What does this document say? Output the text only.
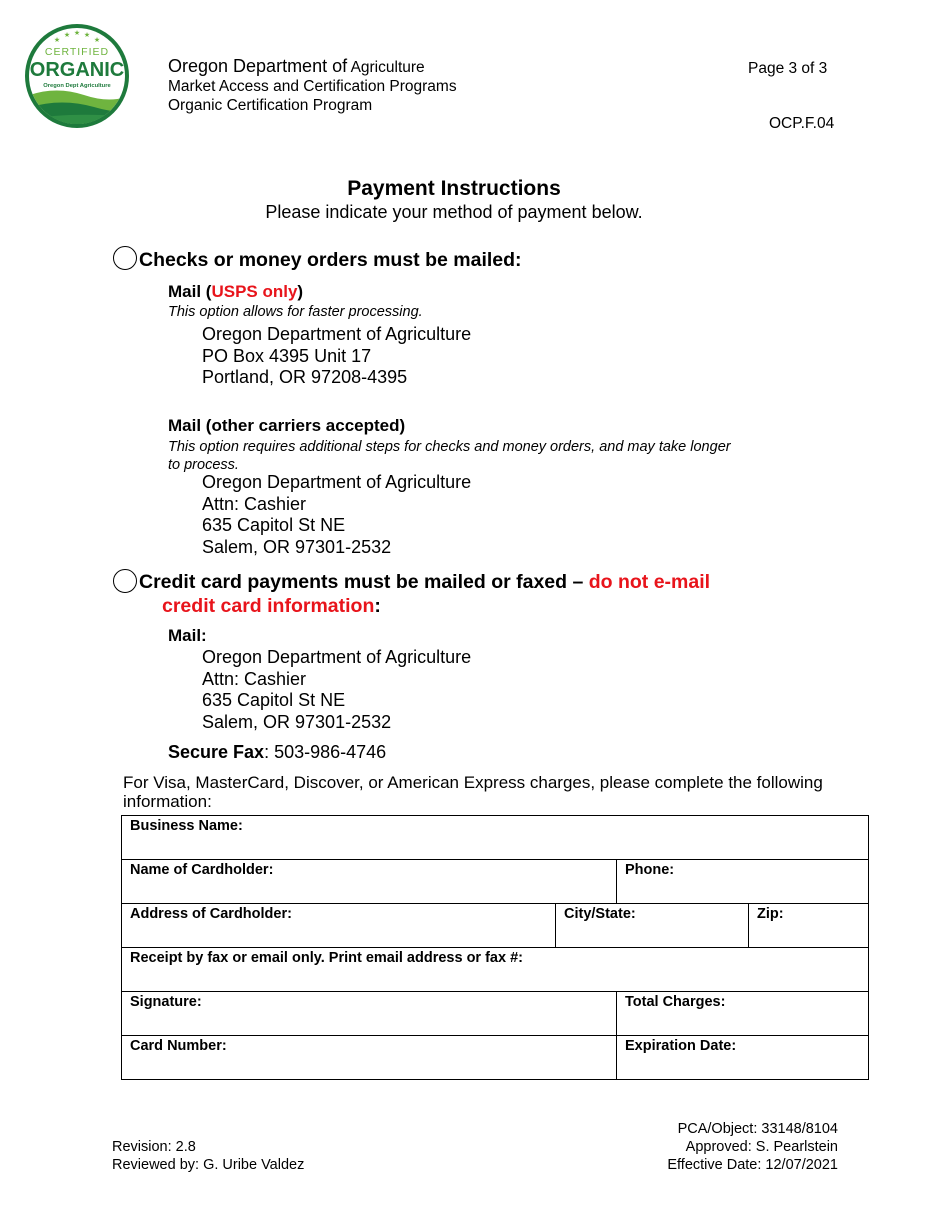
★
★ ★ ★
★
CERTIFIED
ORGANIC
Oregon Dept Agriculture
Oregon Department of Agriculture
Market Access and Certification Programs
Organic Certification Program
Page 3 of 3
OCP.F.04
Payment Instructions
Please indicate your method of payment below.
Checks or money orders must be mailed:
Mail (USPS only)
This option allows for faster processing.
Oregon Department of Agriculture
PO Box 4395 Unit 17
Portland, OR 97208-4395
Mail (other carriers accepted)
This option requires additional steps for checks and money orders, and may take longer
to process.
Oregon Department of Agriculture
Attn: Cashier
635 Capitol St NE
Salem, OR 97301-2532
Credit card payments must be mailed or faxed – do not e-mail
credit card information:
Mail:
Oregon Department of Agriculture
Attn: Cashier
635 Capitol St NE
Salem, OR 97301-2532
Secure Fax: 503-986-4746
For Visa, MasterCard, Discover, or American Express charges, please complete the following
information:
Business Name:			
Name of Cardholder:		Phone:	
Address of Cardholder:	City/State:		Zip:
Receipt by fax or email only. Print email address or fax #:			
Signature:		Total Charges:	
Card Number:		Expiration Date:	
Revision: 2.8
Reviewed by: G. Uribe Valdez
PCA/Object: 33148/8104
Approved: S. Pearlstein
Effective Date: 12/07/2021
